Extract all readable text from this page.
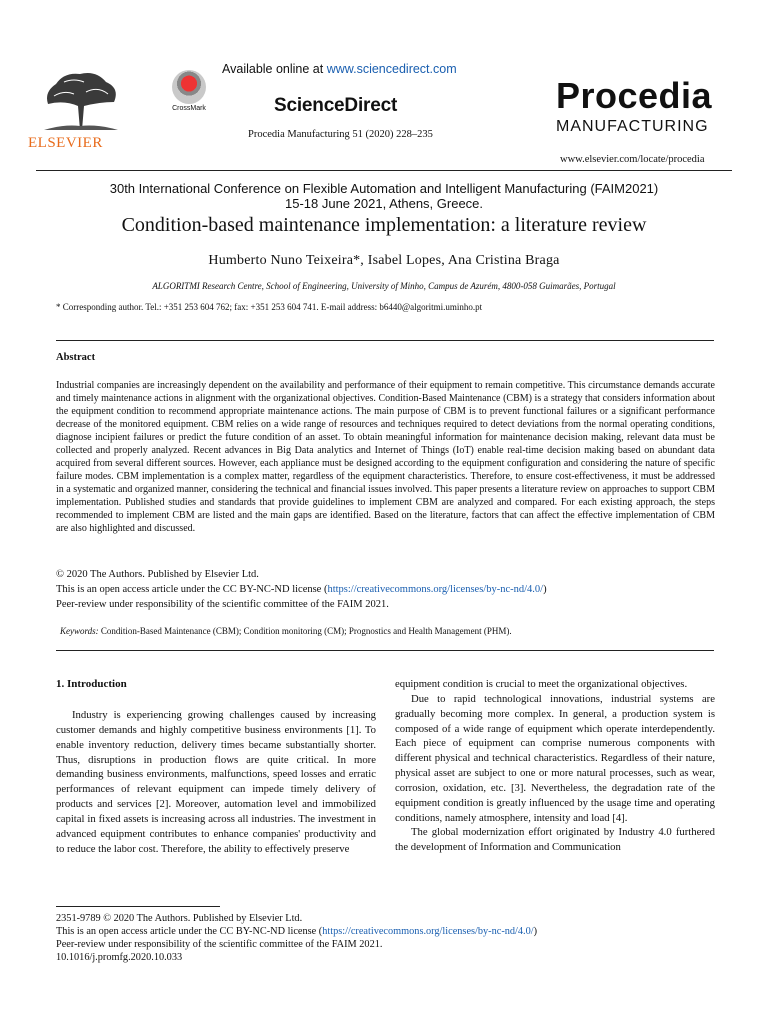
ELSEVIER
CrossMark
Available online at www.sciencedirect.com
ScienceDirect
Procedia Manufacturing 51 (2020) 228–235
Procedia
MANUFACTURING
www.elsevier.com/locate/procedia
30th International Conference on Flexible Automation and Intelligent Manufacturing (FAIM2021)
15-18 June 2021, Athens, Greece.
Condition-based maintenance implementation: a literature review
Humberto Nuno Teixeira*, Isabel Lopes, Ana Cristina Braga
ALGORITMI Research Centre, School of Engineering, University of Minho, Campus de Azurém, 4800-058 Guimarães, Portugal
* Corresponding author. Tel.: +351 253 604 762; fax: +351 253 604 741. E-mail address: b6440@algoritmi.uminho.pt
Abstract
Industrial companies are increasingly dependent on the availability and performance of their equipment to remain competitive. This circumstance demands accurate and timely maintenance actions in alignment with the organizational objectives. Condition-Based Maintenance (CBM) is a strategy that considers information about the equipment condition to recommend appropriate maintenance actions. The main purpose of CBM is to prevent functional failures or a significant performance decrease of the monitored equipment. CBM relies on a wide range of resources and techniques required to detect deviations from the normal operating conditions, diagnose incipient failures or predict the future condition of an asset. To obtain meaningful information for maintenance decision making, relevant data must be collected and properly analyzed. Recent advances in Big Data analytics and Internet of Things (IoT) enable real-time decision making based on abundant data acquired from several different sources. However, each appliance must be designed according to the equipment configuration and considering the nature of specific failure modes. CBM implementation is a complex matter, regardless of the equipment characteristics. Therefore, to ensure cost-effectiveness, it must be addressed in a systematic and organized manner, considering the technical and financial issues involved. This paper presents a literature review on approaches to support CBM implementation. Published studies and standards that provide guidelines to implement CBM are analyzed and compared. For each existing approach, the steps recommended to implement CBM are listed and the main gaps are identified. Based on the literature, factors that can affect the effective implementation of CBM are also highlighted and discussed.
© 2020 The Authors. Published by Elsevier Ltd.
This is an open access article under the CC BY-NC-ND license (https://creativecommons.org/licenses/by-nc-nd/4.0/)
Peer-review under responsibility of the scientific committee of the FAIM 2021.
Keywords: Condition-Based Maintenance (CBM); Condition monitoring (CM); Prognostics and Health Management (PHM).
1. Introduction

Industry is experiencing growing challenges caused by increasing customer demands and highly competitive business environments [1]. To enable inventory reduction, delivery times became substantially shorter. Thus, disruptions in production flows are quite critical. In more demanding business environments, malfunctions, speed losses and erratic performances of relevant equipment can impede timely delivery of products and services [2]. Moreover, automation level and immobilized capital in fixed assets is increasing across all industries. The investment in advanced equipment contributes to enhance companies' productivity and to reduce the labor cost. Therefore, the ability to effectively preserve

equipment condition is crucial to meet the organizational objectives.

Due to rapid technological innovations, industrial systems are gradually becoming more complex. In general, a production system is composed of a wide range of equipment which operate interdependently. Each piece of equipment can comprise numerous components with different physical and technical characteristics. Regardless of their nature, physical asset are subject to one or more natural processes, such as wear, corrosion, oxidation, etc. [3]. Nevertheless, the degradation rate of the equipment condition is greatly influenced by the usage time and operating conditions, namely atmosphere, intensity and load [4].

The global modernization effort originated by Industry 4.0 furthered the development of Information and Communication

2351-9789 © 2020 The Authors. Published by Elsevier Ltd.
This is an open access article under the CC BY-NC-ND license (https://creativecommons.org/licenses/by-nc-nd/4.0/)
Peer-review under responsibility of the scientific committee of the FAIM 2021.
10.1016/j.promfg.2020.10.033
